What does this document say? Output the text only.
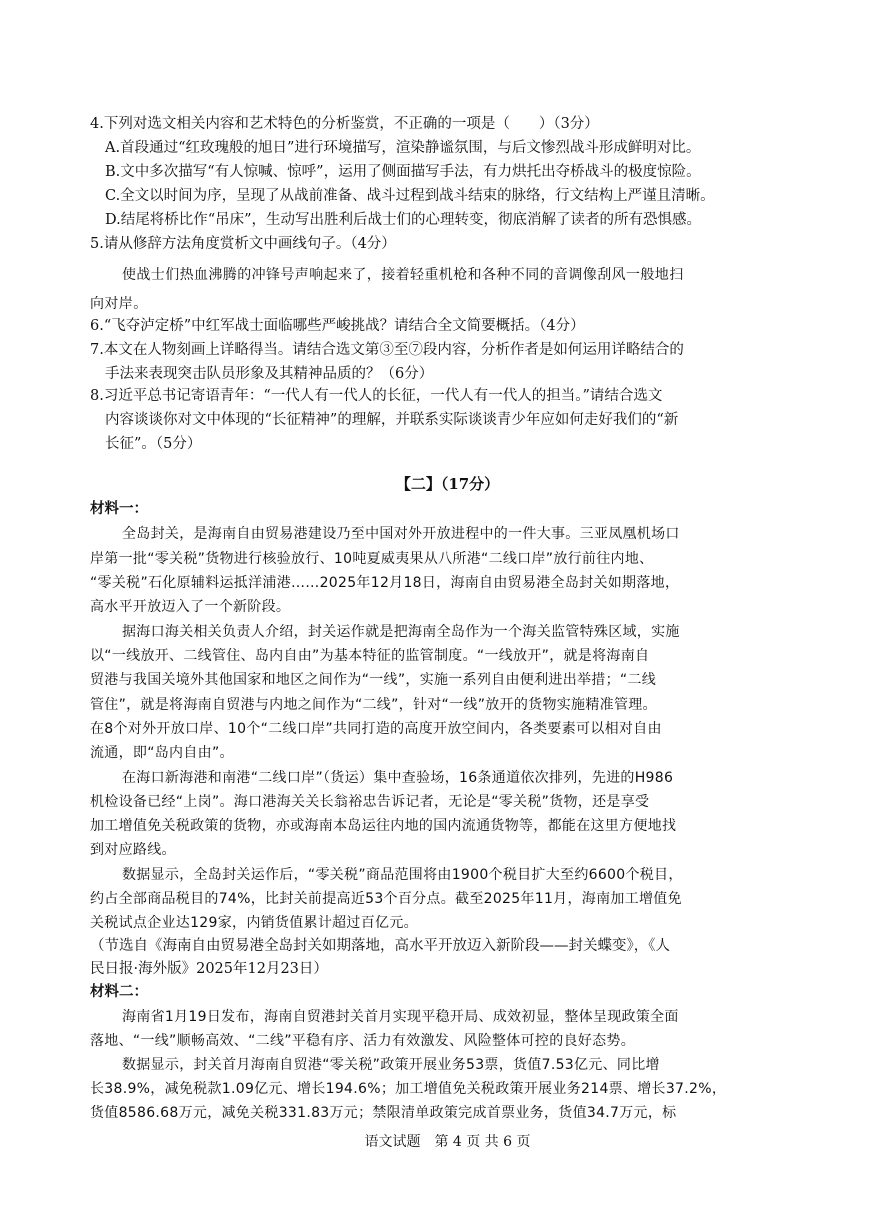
4.下列对选文相关内容和艺术特色的分析鉴赏，不正确的一项是（　　）（3分）
A.首段通过“红玫瑰般的旭日”进行环境描写，渲染静谧氛围，与后文惨烈战斗形成鲜明对比。
B.文中多次描写“有人惊喊、惊呼”，运用了侧面描写手法，有力烘托出夺桥战斗的极度惊险。
C.全文以时间为序，呈现了从战前准备、战斗过程到战斗结束的脉络，行文结构上严谨且清晰。
D.结尾将桥比作“吊床”，生动写出胜利后战士们的心理转变，彻底消解了读者的所有恐惧感。
5.请从修辞方法角度赏析文中画线句子。（4分）
使战士们热血沸腾的冲锋号声响起来了，接着轻重机枪和各种不同的音调像刮风一般地扫
向对岸。
6.“飞夺泸定桥”中红军战士面临哪些严峻挑战？请结合全文简要概括。（4分）
7.本文在人物刻画上详略得当。请结合选文第③至⑦段内容，分析作者是如何运用详略结合的
手法来表现突击队员形象及其精神品质的？（6分）
8.习近平总书记寄语青年：“一代人有一代人的长征，一代人有一代人的担当。”请结合选文
内容谈谈你对文中体现的“长征精神”的理解，并联系实际谈谈青少年应如何走好我们的“新
长征”。（5分）
【二】（17分）
材料一：
全岛封关，是海南自由贸易港建设乃至中国对外开放进程中的一件大事。三亚凤凰机场口
岸第一批“零关税”货物进行核验放行、10吨夏威夷果从八所港“二线口岸”放行前往内地、
“零关税”石化原辅料运抵洋浦港……2025年12月18日，海南自由贸易港全岛封关如期落地，
高水平开放迈入了一个新阶段。
据海口海关相关负责人介绍，封关运作就是把海南全岛作为一个海关监管特殊区域，实施
以“一线放开、二线管住、岛内自由”为基本特征的监管制度。“一线放开”，就是将海南自
贸港与我国关境外其他国家和地区之间作为“一线”，实施一系列自由便利进出举措；“二线
管住”，就是将海南自贸港与内地之间作为“二线”，针对“一线”放开的货物实施精准管理。
在8个对外开放口岸、10个“二线口岸”共同打造的高度开放空间内，各类要素可以相对自由
流通，即“岛内自由”。
在海口新海港和南港“二线口岸”（货运）集中查验场，16条通道依次排列，先进的H986
机检设备已经“上岗”。海口港海关关长翁裕忠告诉记者，无论是“零关税”货物，还是享受
加工增值免关税政策的货物，亦或海南本岛运往内地的国内流通货物等，都能在这里方便地找
到对应路线。
数据显示，全岛封关运作后，“零关税”商品范围将由1900个税目扩大至约6600个税目，
约占全部商品税目的74%，比封关前提高近53个百分点。截至2025年11月，海南加工增值免
关税试点企业达129家，内销货值累计超过百亿元。
（节选自《海南自由贸易港全岛封关如期落地，高水平开放迈入新阶段——封关蝶变》，《人
民日报·海外版》2025年12月23日）
材料二：
海南省1月19日发布，海南自贸港封关首月实现平稳开局、成效初显，整体呈现政策全面
落地、“一线”顺畅高效、“二线”平稳有序、活力有效激发、风险整体可控的良好态势。
数据显示，封关首月海南自贸港“零关税”政策开展业务53票，货值7.53亿元、同比增
长38.9%，减免税款1.09亿元、增长194.6%；加工增值免关税政策开展业务214票、增长37.2%，
语文试题　第 4 页 共 6 页
货值8586.68万元，减免关税331.83万元；禁限清单政策完成首票业务，货值34.7万元，标
